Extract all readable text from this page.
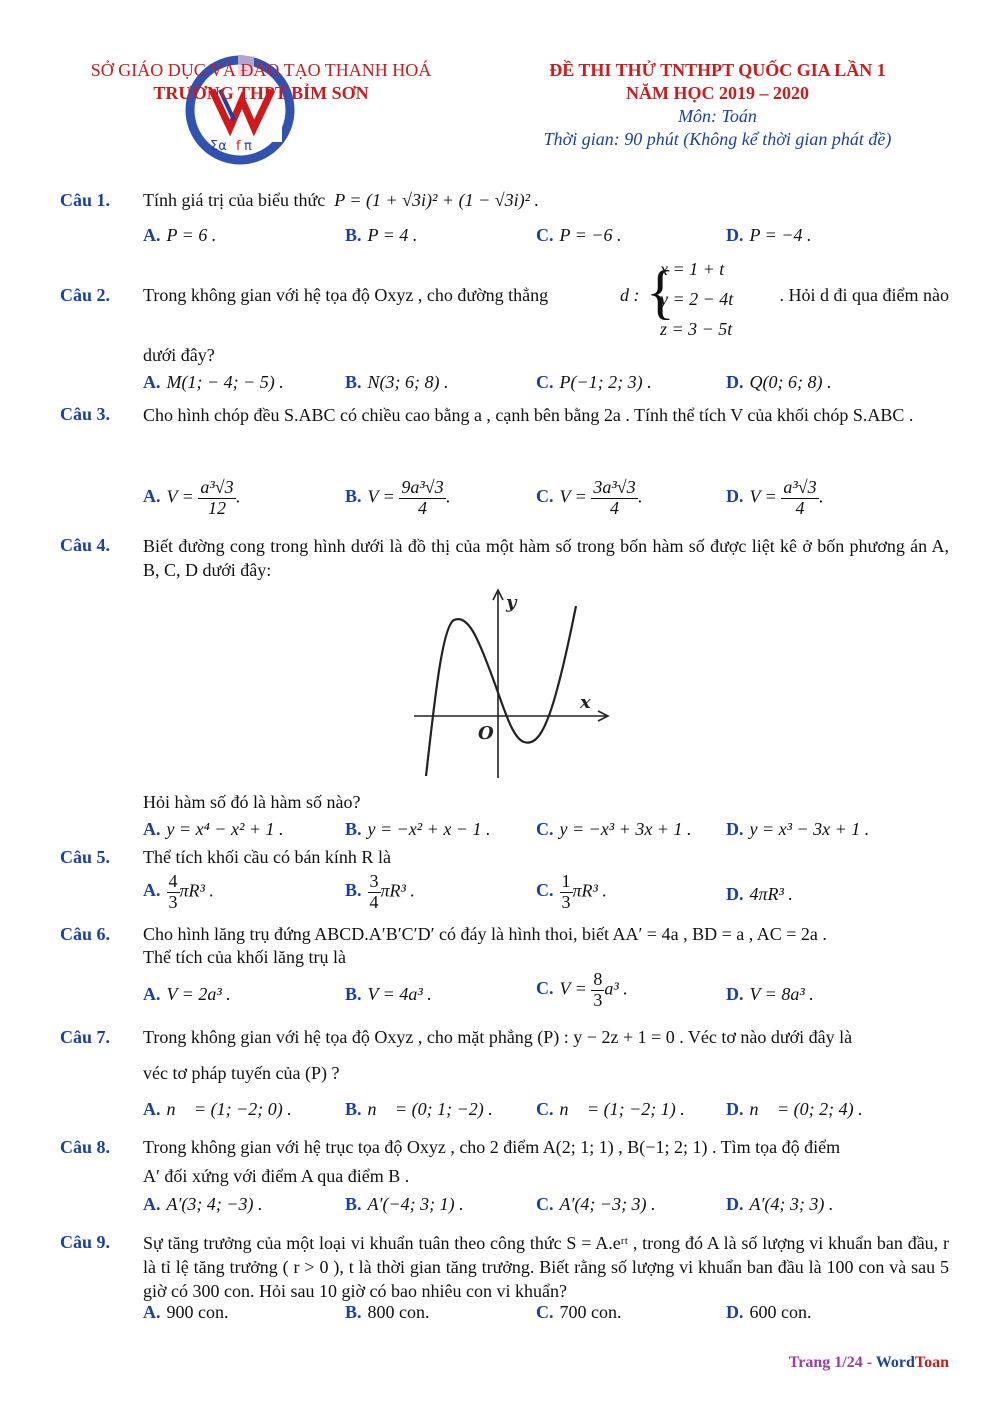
Σα f π
SỞ GIÁO DỤC VÀ ĐÀO TẠO THANH HOÁ
TRƯỜNG THPT BỈM SƠN
ĐỀ THI THỬ TNTHPT QUỐC GIA LẦN 1
NĂM HỌC 2019 – 2020
Môn: Toán
Thời gian: 90 phút (Không kể thời gian phát đề)
Câu 1. Tính giá trị của biểu thức P = (1 + √3i)² + (1 − √3i)² .
A. P = 6 .	B. P = 4 .	C. P = −6 .	D. P = −4 .
Câu 2. Trong không gian với hệ tọa độ Oxyz , cho đường thẳng	d : {
x = 1 + t
y = 2 − 4t
z = 3 − 5t
. Hỏi d đi qua điểm nào
dưới đây?
A. M(1; − 4; − 5) .	B. N(3; 6; 8) .	C. P(−1; 2; 3) .	D. Q(0; 6; 8) .
Câu 3. Cho hình chóp đều S.ABC có chiều cao bằng a , cạnh bên bằng 2a . Tính thể tích V của khối chóp S.ABC .
A. $V = \frac{\text{a³√3}}{12}$ .	B. $V = \frac{\text{9a³√3}}{4}$ .	C. $V = \frac{\text{3a³√3}}{4}$ .	D. $V = \frac{\text{a³√3}}{4}$ .
Câu 4. Biết đường cong trong hình dưới là đồ thị của một hàm số trong bốn hàm số được liệt kê ở bốn phương án A, B, C, D dưới đây:
y
x
O
Hỏi hàm số đó là hàm số nào?
A. y = x⁴ − x² + 1 .	B. y = −x² + x − 1 .	C. y = −x³ + 3x + 1 . D. y = x³ − 3x + 1 .
Câu 5. Thể tích khối cầu có bán kính R là
A. $\frac{4}{3} \pi R^3$ .	B. $\frac{3}{4} \pi R^3$ .	C. $\frac{1}{3} \pi R^3$ .	D. 4πR³ .
Câu 6. Cho hình lăng trụ đứng ABCD.A′B′C′D′ có đáy là hình thoi, biết AA′ = 4a , BD = a , AC = 2a .
Thể tích của khối lăng trụ là
A. V = 2a³ .	B. V = 4a³ .	C. $V = \frac{8}{3} a^3$ .	D. V = 8a³ .
Câu 7. Trong không gian với hệ tọa độ Oxyz , cho mặt phẳng (P) : y − 2z + 1 = 0 . Véc tơ nào dưới đây là
véc tơ pháp tuyến của (P) ?
A. n⃗ = (1; −2; 0) .	B. n⃗ = (0; 1; −2) . C. n⃗ = (1; −2; 1) . D. n⃗ = (0; 2; 4) .
Câu 8. Trong không gian với hệ trục tọa độ Oxyz , cho 2 điểm A(2; 1; 1) , B(−1; 2; 1) . Tìm tọa độ điểm
A′ đối xứng với điểm A qua điểm B .
A. A′(3; 4; −3) .	B. A′(−4; 3; 1) .	C. A′(4; −3; 3) .	D. A′(4; 3; 3) .
Câu 9. Sự tăng trưởng của một loại vi khuẩn tuân theo công thức S = A.eʳᵗ , trong đó A là số lượng vi khuẩn ban đầu, r là tỉ lệ tăng trưởng ( r > 0 ), t là thời gian tăng trưởng. Biết rằng số lượng vi khuẩn ban đầu là 100 con và sau 5 giờ có 300 con. Hỏi sau 10 giờ có bao nhiêu con vi khuẩn?
A. 900 con.	B. 800 con.	C. 700 con.	D. 600 con.
Trang 1/24 - WordToan
